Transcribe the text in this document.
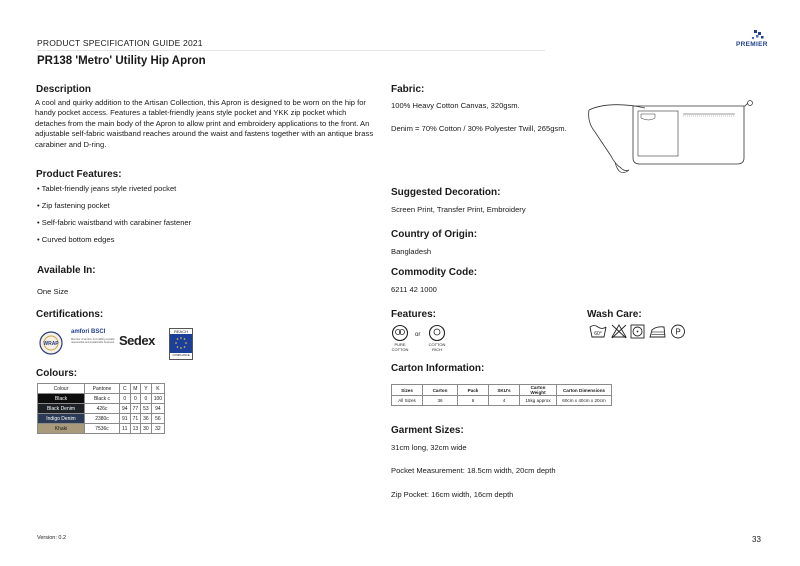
PRODUCT SPECIFICATION GUIDE 2021
PR138 'Metro' Utility Hip Apron
PREMIER
Description
A cool and quirky addition to the Artisan Collection, this Apron is designed to be worn on the hip for handy pocket access. Features a tablet-friendly jeans style pocket and YKK zip pocket which detaches from the main body of the Apron to allow print and embroidery applications to the front. An adjustable self-fabric waistband reaches around the waist and fastens together with an antique brass carabiner and D-ring.
Product Features:
• Tablet-friendly jeans style riveted pocket
• Zip fastening pocket
• Self-fabric waistband with carabiner fastener
• Curved bottom edges
Available In:
One Size
Certifications:
WRAP
amfori BSCI
Member of amfori, for building socially responsible and sustainable business Sedex
REACH
COMPLIANCE
Colours:
Colour	Pantone	C	M	Y	K
Black	Black c	0	0	0	100
Black Denim	426c	94	77	53	94
Indigo Denim	2380c	91	71	36	56
Khaki	7536c	11	13	30	32
Fabric:
100% Heavy Cotton Canvas, 320gsm.
Denim = 70% Cotton / 30% Polyester Twill, 265gsm.
Suggested Decoration:
Screen Print, Transfer Print, Embroidery
Country of Origin:
Bangladesh
Commodity Code:
6211 42 1000
Features:
PURE COTTON
or
COTTON RICH
Wash Care:
60°	P
Carton Information:
Sizes	Carton	Pack	SKU's	Carton Weight	Carton Dimensions
All Sizes	36	6	4	15kg approx	60cm x 40cm x 20cm
Garment Sizes:
31cm long, 32cm wide
Pocket Measurement: 18.5cm width, 20cm depth
Zip Pocket: 16cm width, 16cm depth
Version: 0.2	33
